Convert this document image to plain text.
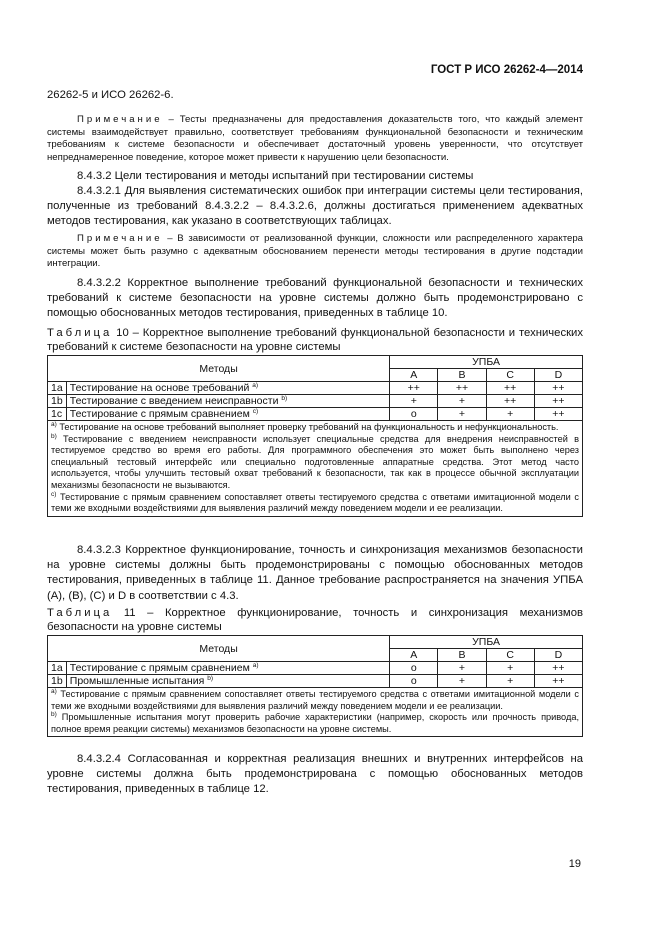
ГОСТ Р ИСО 26262-4—2014

26262-5 и ИСО 26262-6.

Примечание – Тесты предназначены для предоставления доказательств того, что каждый элемент системы взаимодействует правильно, соответствует требованиям функциональной безопасности и техническим требованиям к системе безопасности и обеспечивает достаточный уровень уверенности, что отсутствует непреднамеренное поведение, которое может привести к нарушению цели безопасности.

8.4.3.2 Цели тестирования и методы испытаний при тестировании системы

8.4.3.2.1 Для выявления систематических ошибок при интеграции системы цели тестирования, полученные из требований 8.4.3.2.2 – 8.4.3.2.6, должны достигаться применением адекватных методов тестирования, как указано в соответствующих таблицах.

Примечание – В зависимости от реализованной функции, сложности или распределенного характера системы может быть разумно с адекватным обоснованием перенести методы тестирования в другие подстадии интеграции.

8.4.3.2.2 Корректное выполнение требований функциональной безопасности и технических требований к системе безопасности на уровне системы должно быть продемонстрировано с помощью обоснованных методов тестирования, приведенных в таблице 10.

Таблица 10 – Корректное выполнение требований функциональной безопасности и технических требований к системе безопасности на уровне системы

Методы		УПБА			
		A	B	C	D
1a	Тестирование на основе требований $^{a)}$	++	++	++	++
1b	Тестирование с введением неисправности $^{b)}$	+	+	++	++
1c	Тестирование с прямым сравнением $^{c)}$	o	+	+	++

$^{a)}$ Тестирование на основе требований выполняет проверку требований на функциональность и нефункциональность.
$^{b)}$ Тестирование с введением неисправности использует специальные средства для внедрения неисправностей в тестируемое средство во время его работы. Для программного обеспечения это может быть выполнено через специальный тестовый интерфейс или специально подготовленные аппаратные средства. Этот метод часто используется, чтобы улучшить тестовый охват требований к безопасности, так как в процессе обычной эксплуатации механизмы безопасности не вызываются.
$^{c)}$ Тестирование с прямым сравнением сопоставляет ответы тестируемого средства с ответами имитационной модели с теми же входными воздействиями для выявления различий между поведением модели и ее реализации.					

8.4.3.2.3 Корректное функционирование, точность и синхронизация механизмов безопасности на уровне системы должны быть продемонстрированы с помощью обоснованных методов тестирования, приведенных в таблице 11. Данное требование распространяется на значения УПБА (А), (В), (С) и D в соответствии с 4.3.

Таблица 11 – Корректное функционирование, точность и синхронизация механизмов безопасности на уровне системы

Методы		УПБА			
		A	B	C	D
1a	Тестирование с прямым сравнением $^{a)}$	o	+	+	++
1b	Промышленные испытания $^{b)}$	o	+	+	++

$^{a)}$ Тестирование с прямым сравнением сопоставляет ответы тестируемого средства с ответами имитационной модели с теми же входными воздействиями для выявления различий между поведением модели и ее реализации.
$^{b)}$ Промышленные испытания могут проверить рабочие характеристики (например, скорость или прочность привода, полное время реакции системы) механизмов безопасности на уровне системы.					

8.4.3.2.4 Согласованная и корректная реализация внешних и внутренних интерфейсов на уровне системы должна быть продемонстрирована с помощью обоснованных методов тестирования, приведенных в таблице 12.

19
